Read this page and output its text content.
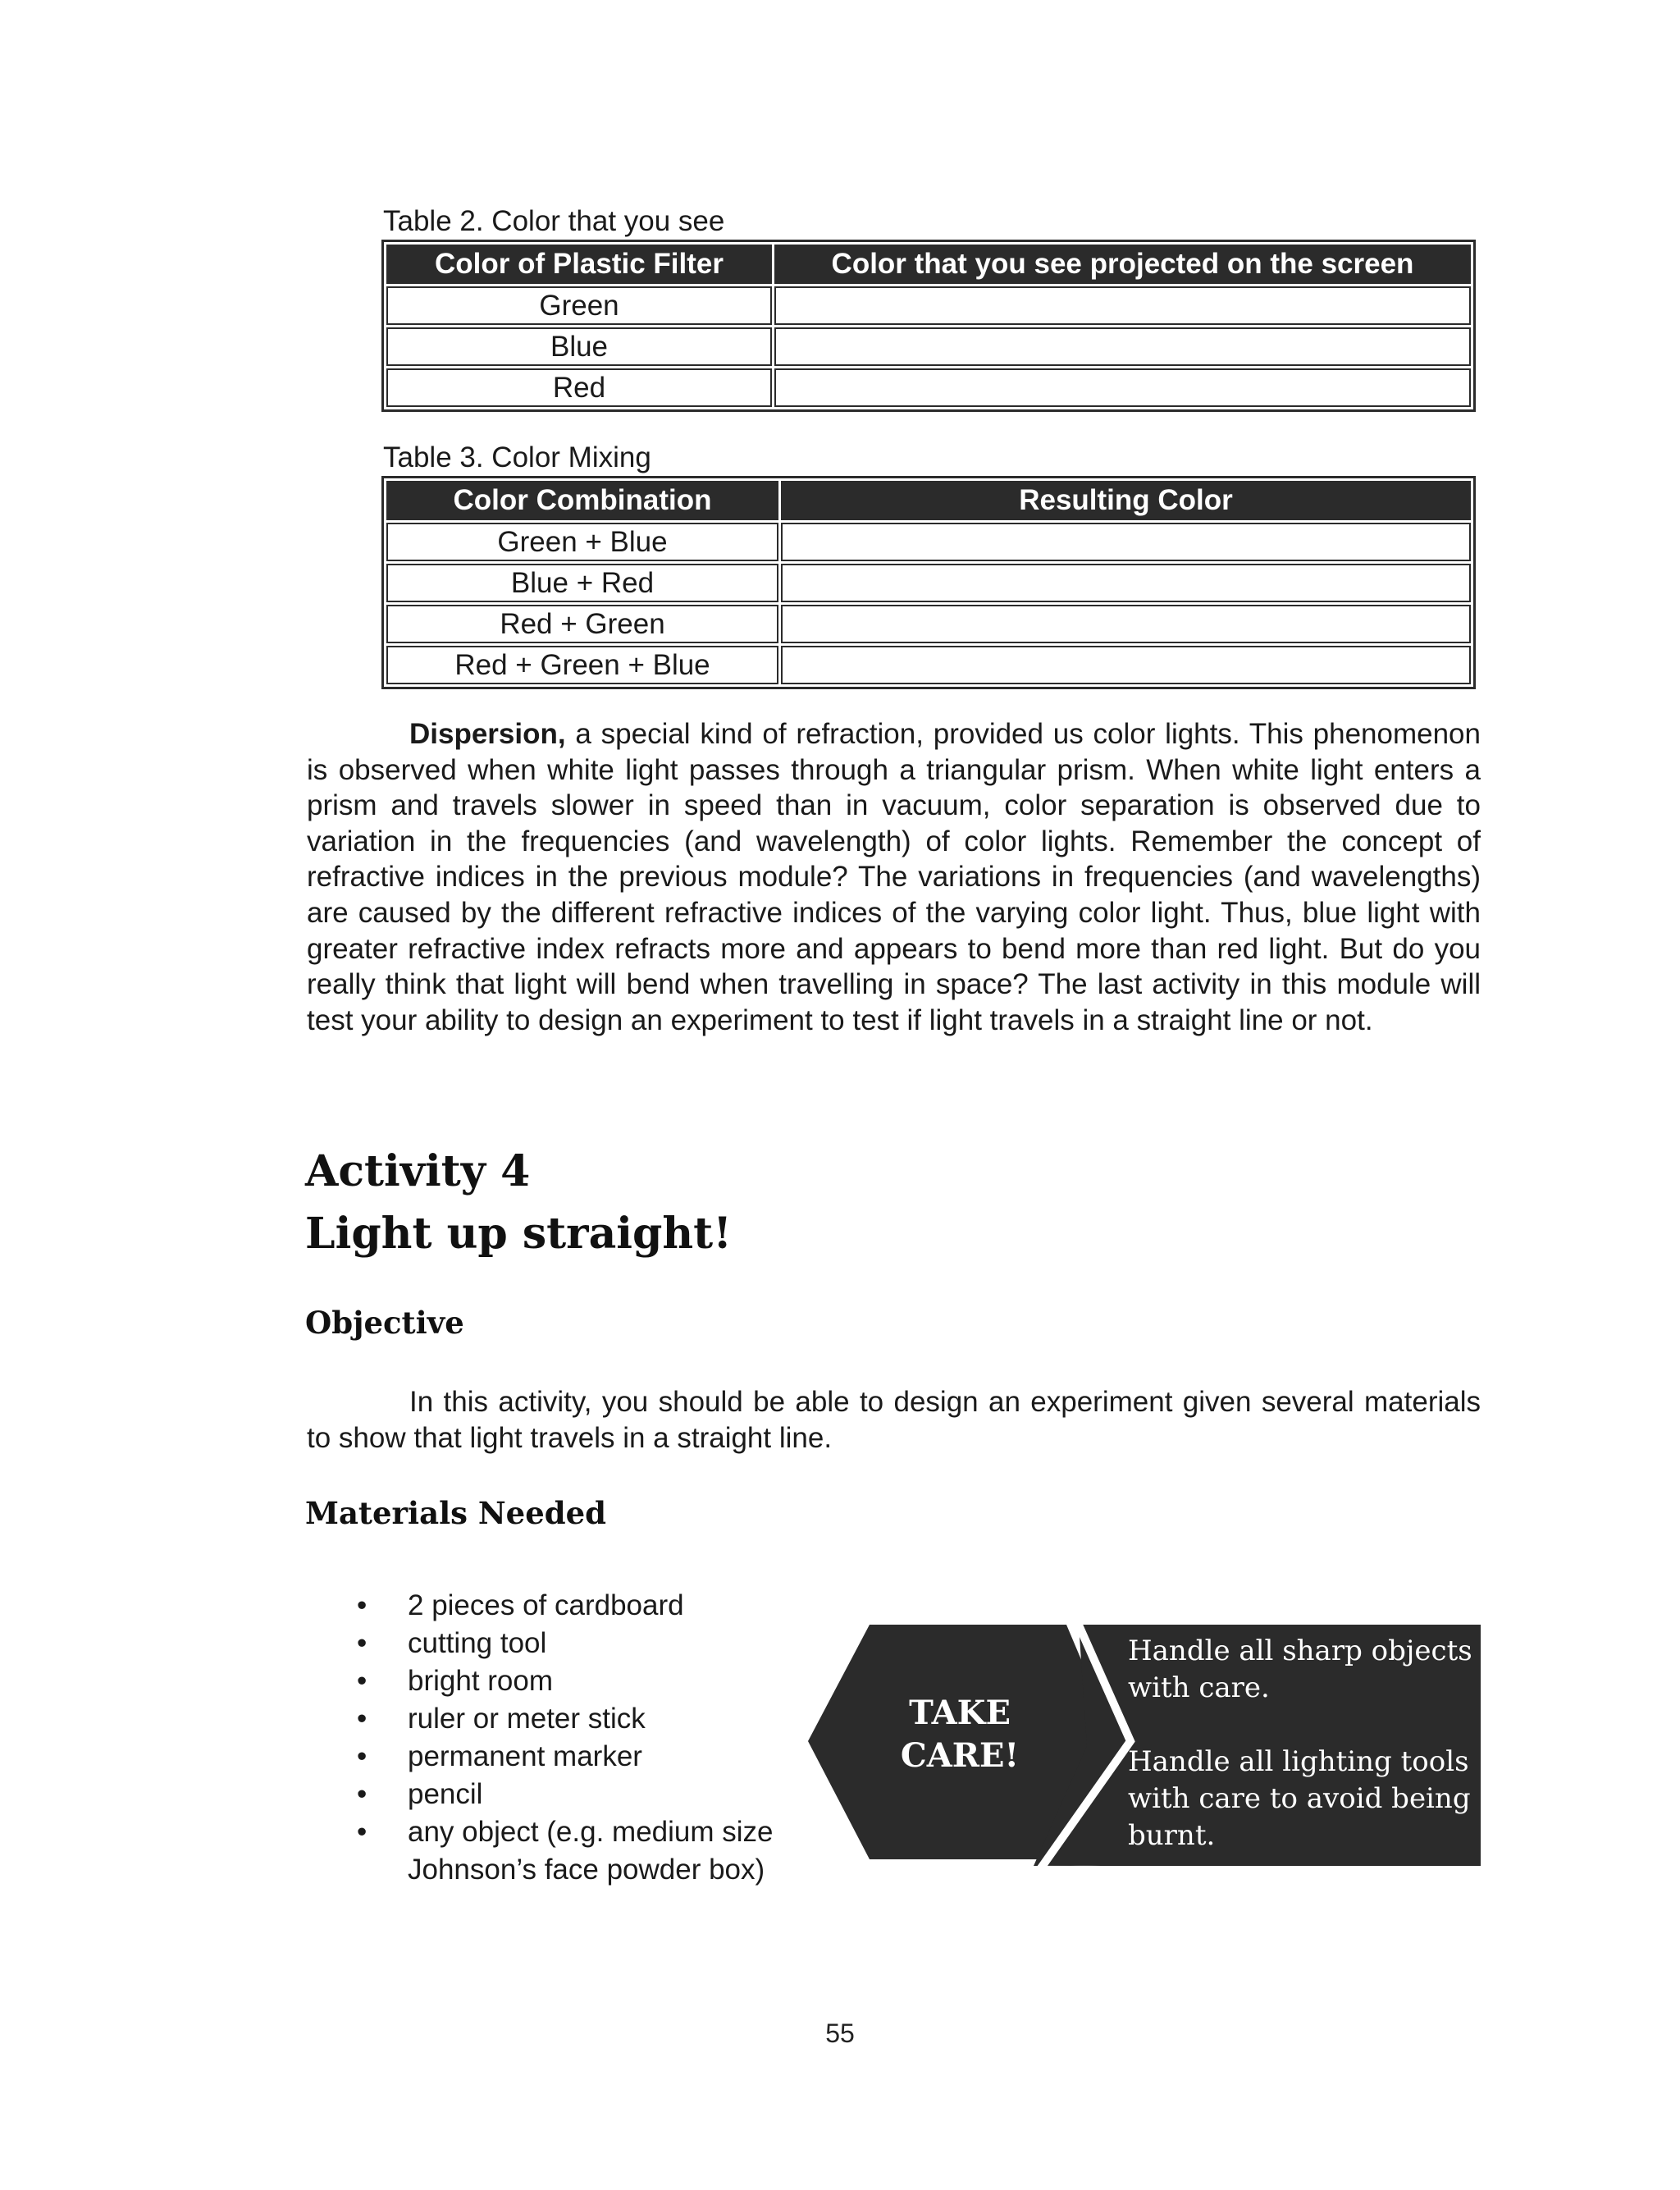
Table 2. Color that you see
Color of Plastic Filter	Color that you see projected on the screen
Green	
Blue	
Red	
Table 3. Color Mixing
Color Combination	Resulting Color
Green + Blue	
Blue + Red	
Red + Green	
Red + Green + Blue	

Dispersion, a special kind of refraction, provided us color lights. This phenomenon is observed when white light passes through a triangular prism. When white light enters a prism and travels slower in speed than in vacuum, color separation is observed due to variation in the frequencies (and wavelength) of color lights. Remember the concept of refractive indices in the previous module? The variations in frequencies (and wavelengths) are caused by the different refractive indices of the varying color light. Thus, blue light with greater refractive index refracts more and appears to bend more than red light. But do you really think that light will bend when travelling in space? The last activity in this module will test your ability to design an experiment to test if light travels in a straight line or not.

Activity 4
Light up straight!
Objective

In this activity, you should be able to design an experiment given several materials to show that light travels in a straight line.

Materials Needed
• 2 pieces of cardboard
• cutting tool
• bright room
• ruler or meter stick
• permanent marker
• pencil
• any object (e.g. medium size Johnson’s face powder box)
TAKE
CARE!

Handle all sharp objects with care.

Handle all lighting tools with care to avoid being burnt.

55
